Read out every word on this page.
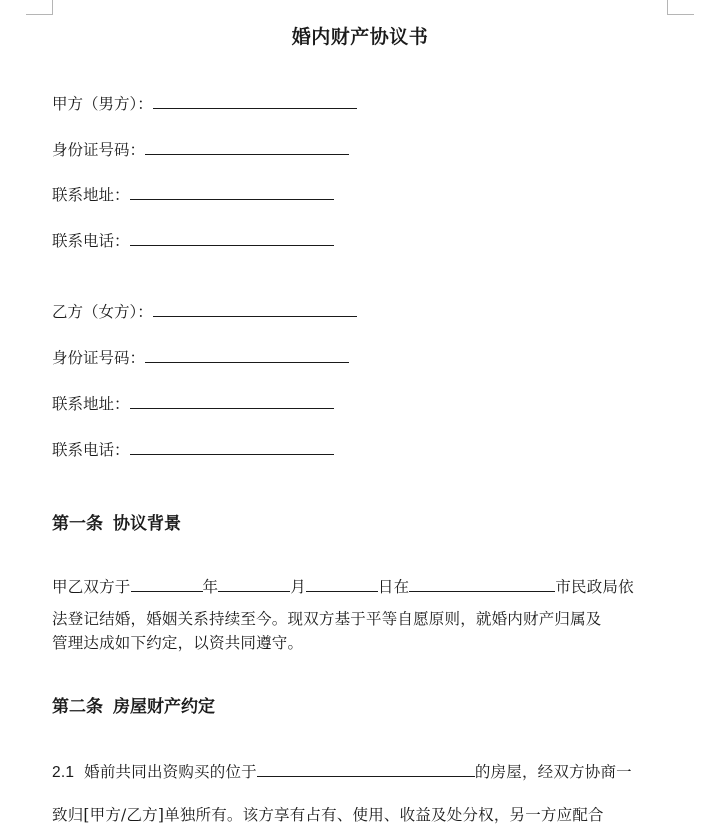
婚内财产协议书
甲方（男方）：
身份证号码：
联系地址：
联系电话：
乙方（女方）：
身份证号码：
联系地址：
联系电话：
第一条 协议背景
甲乙双方于	年	月	日在	市民政局依
法登记结婚，婚姻关系持续至今。现双方基于平等自愿原则，就婚内财产归属及
管理达成如下约定，以资共同遵守。
第二条 房屋财产约定
2.1 婚前共同出资购买的位于	的房屋，经双方协商一
致归[甲方/乙方]单独所有。该方享有占有、使用、收益及处分权，另一方应配合
